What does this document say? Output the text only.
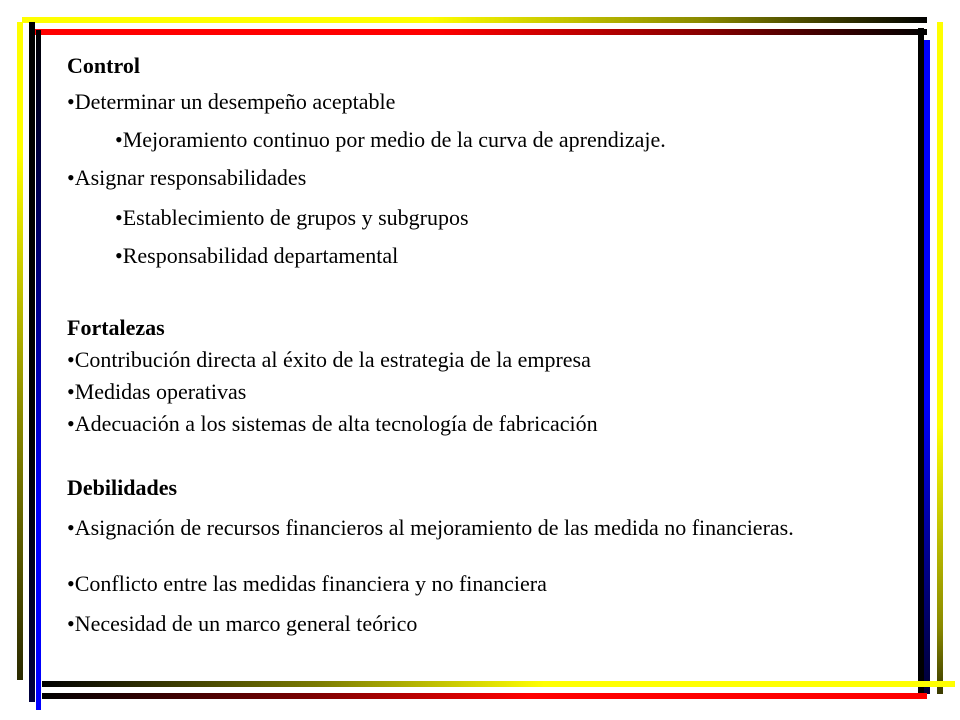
Control
•Determinar un desempeño aceptable
•Mejoramiento continuo por medio de la curva de aprendizaje.
•Asignar responsabilidades
•Establecimiento de grupos y subgrupos
•Responsabilidad departamental
Fortalezas
•Contribución directa al éxito de la estrategia de la empresa
•Medidas operativas
•Adecuación a los sistemas de alta tecnología de fabricación
Debilidades
•Asignación de recursos financieros al mejoramiento de las medida no financieras.
•Conflicto entre las medidas financiera y no financiera
•Necesidad de un marco general teórico
